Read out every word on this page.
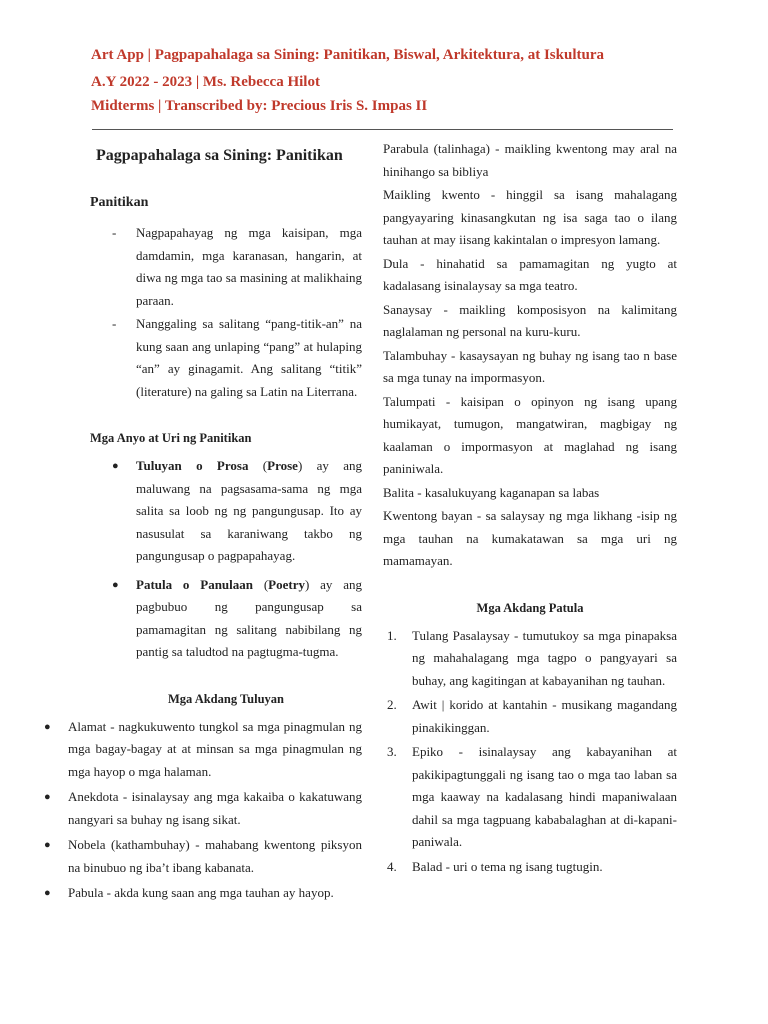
Art App | Pagpapahalaga sa Sining: Panitikan, Biswal, Arkitektura, at Iskultura
A.Y 2022 - 2023 | Ms. Rebecca Hilot
Midterms | Transcribed by: Precious Iris S. Impas II
Pagpapahalaga sa Sining: Panitikan
Panitikan
- Nagpapahayag ng mga kaisipan, mga damdamin, mga karanasan, hangarin, at diwa ng mga tao sa masining at malikhaing paraan.
- Nanggaling sa salitang “pang-titik-an” na kung saan ang unlaping “pang” at hulaping “an” ay ginagamit. Ang salitang “titik” (literature) na galing sa Latin na Literrana.
Mga Anyo at Uri ng Panitikan
● Tuluyan o Prosa (Prose) ay ang maluwang na pagsasama-sama ng mga salita sa loob ng ng pangungusap. Ito ay nasusulat sa karaniwang takbo ng pangungusap o pagpapahayag.
● Patula o Panulaan (Poetry) ay ang pagbubuo ng pangungusap sa pamamagitan ng salitang nabibilang ng pantig sa taludtod na pagtugma-tugma.
Mga Akdang Tuluyan
● Alamat - nagkukuwento tungkol sa mga pinagmulan ng mga bagay-bagay at at minsan sa mga pinagmulan ng mga hayop o mga halaman.
● Anekdota - isinalaysay ang mga kakaiba o kakatuwang nangyari sa buhay ng isang sikat.
● Nobela (kathambuhay) - mahabang kwentong piksyon na binubuo ng iba’t ibang kabanata.
● Pabula - akda kung saan ang mga tauhan ay hayop.
Parabula (talinhaga) - maikling kwentong may aral na hinihango sa bibliya
Maikling kwento - hinggil sa isang mahalagang pangyayaring kinasangkutan ng isa saga tao o ilang tauhan at may iisang kakintalan o impresyon lamang.
Dula - hinahatid sa pamamagitan ng yugto at kadalasang isinalaysay sa mga teatro.
Sanaysay - maikling komposisyon na kalimitang naglalaman ng personal na kuru-kuru.
Talambuhay - kasaysayan ng buhay ng isang tao n base sa mga tunay na impormasyon.
Talumpati - kaisipan o opinyon ng isang upang humikayat, tumugon, mangatwiran, magbigay ng kaalaman o impormasyon at maglahad ng isang paniniwala.
Balita - kasalukuyang kaganapan sa labas
Kwentong bayan - sa salaysay ng mga likhang -isip ng mga tauhan na kumakatawan sa mga uri ng mamamayan.
Mga Akdang Patula
1. Tulang Pasalaysay - tumutukoy sa mga pinapaksa ng mahahalagang mga tagpo o pangyayari sa buhay, ang kagitingan at kabayanihan ng tauhan.
2. Awit | korido at kantahin - musikang magandang pinakikinggan.
3. Epiko - isinalaysay ang kabayanihan at pakikipagtunggali ng isang tao o mga tao laban sa mga kaaway na kadalasang hindi mapaniwalaan dahil sa mga tagpuang kababalaghan at di-kapani-paniwala.
4. Balad - uri o tema ng isang tugtugin.
